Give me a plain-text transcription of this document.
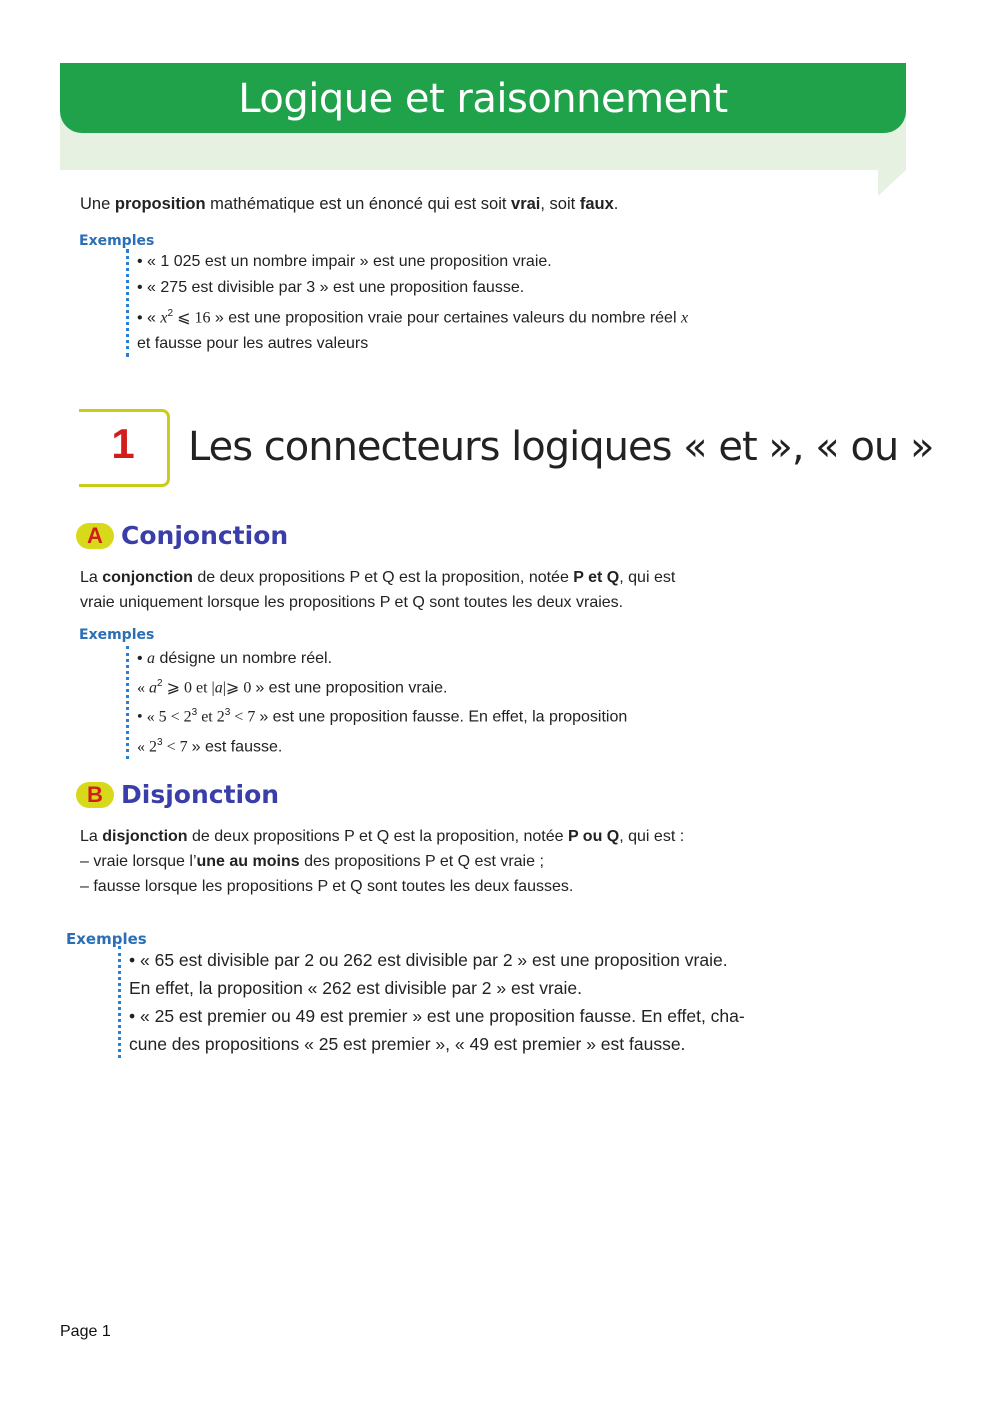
Logique et raisonnement
Une proposition mathématique est un énoncé qui est soit vrai, soit faux.
Exemples
• « 1 025 est un nombre impair » est une proposition vraie.
• « 275 est divisible par 3 » est une proposition fausse.
• « $x^2$ ⩽ 16 » est une proposition vraie pour certaines valeurs du nombre réel x
et fausse pour les autres valeurs
1	Les connecteurs logiques « et », « ou »
A Conjonction
La conjonction de deux propositions P et Q est la proposition, notée P et Q, qui est
vraie uniquement lorsque les propositions P et Q sont toutes les deux vraies.
Exemples
• a désigne un nombre réel.
« $a^2$ ⩾ 0 et |a|⩾ 0 » est une proposition vraie.
• « $5 < 2^3$ et $2^3 < 7$ » est une proposition fausse. En effet, la proposition
« $2^3 < 7$ » est fausse.
B Disjonction
La disjonction de deux propositions P et Q est la proposition, notée P ou Q, qui est :
– vraie lorsque l’une au moins des propositions P et Q est vraie ;
– fausse lorsque les propositions P et Q sont toutes les deux fausses.
Exemples
• « 65 est divisible par 2 ou 262 est divisible par 2 » est une proposition vraie.
En effet, la proposition « 262 est divisible par 2 » est vraie.
• « 25 est premier ou 49 est premier » est une proposition fausse. En effet, cha-
cune des propositions « 25 est premier », « 49 est premier » est fausse.
Page 1
